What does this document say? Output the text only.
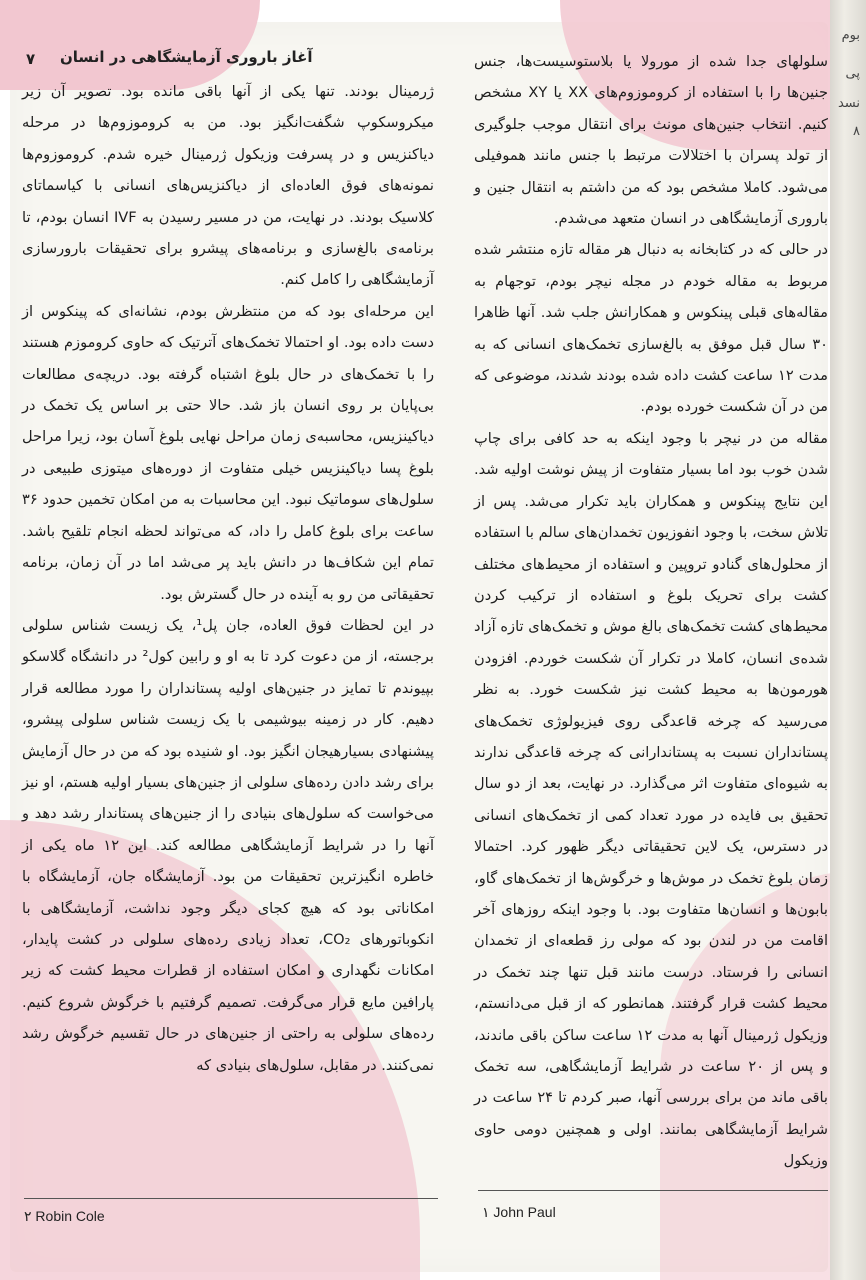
بوم
پی
نسد
۸
۷ آغاز باروری آزمایشگاهی در انسان

ژرمینال بودند. تنها یکی از آنها باقی مانده بود. تصویر آن زیر میکروسکوپ شگفت‌انگیز بود. من به کروموزوم‌ها در مرحله دیاکنزیس و در پسرفت وزیکول ژرمینال خیره شدم. کروموزوم‌ها نمونه‌های فوق العاده‌ای از دیاکنزیس‌های انسانی با کیاسماتای کلاسیک بودند. در نهایت، من در مسیر رسیدن به IVF انسان بودم، تا برنامه‌ی بالغ‌سازی و برنامه‌های پیشرو برای تحقیقات بارورسازی آزمایشگاهی را کامل کنم.

این مرحله‌ای بود که من منتظرش بودم، نشانه‌ای که پینکوس از دست داده بود. او احتمالا تخمک‌های آترتیک که حاوی کروموزم هستند را با تخمک‌های در حال بلوغ اشتباه گرفته بود. دریچه‌ی مطالعات بی‌پایان بر روی انسان باز شد. حالا حتی بر اساس یک تخمک در دیاکینزیس، محاسبه‌ی زمان مراحل نهایی بلوغ آسان بود، زیرا مراحل بلوغ پسا دیاکینزیس خیلی متفاوت از دوره‌های میتوزی طبیعی در سلول‌های سوماتیک نبود. این محاسبات به من امکان تخمین حدود ۳۶ ساعت برای بلوغ کامل را داد، که می‌تواند لحظه انجام تلقیح باشد. تمام این شکاف‌ها در دانش باید پر می‌شد اما در آن زمان، برنامه تحقیقاتی من رو به آینده در حال گسترش بود.

در این لحظات فوق العاده، جان پل¹، یک زیست شناس سلولی برجسته، از من دعوت کرد تا به او و رابین کول² در دانشگاه گلاسکو بپیوندم تا تمایز در جنین‌های اولیه پستانداران را مورد مطالعه قرار دهیم. کار در زمینه بیوشیمی با یک زیست شناس سلولی پیشرو، پیشنهادی بسیارهیجان انگیز بود. او شنیده بود که من در حال آزمایش برای رشد دادن رده‌های سلولی از جنین‌های بسیار اولیه هستم، او نیز می‌خواست که سلول‌های بنیادی را از جنین‌های پستاندار رشد دهد و آنها را در شرایط آزمایشگاهی مطالعه کند. این ۱۲ ماه یکی از خاطره انگیزترین تحقیقات من بود. آزمایشگاه جان، آزمایشگاه با امکاناتی بود که هیچ کجای دیگر وجود نداشت، آزمایشگاهی با انکوباتورهای CO₂، تعداد زیادی رده‌های سلولی در کشت پایدار، امکانات نگهداری و امکان استفاده از قطرات محیط کشت که زیر پارافین مایع قرار می‌گرفت. تصمیم گرفتیم با خرگوش شروع کنیم. رده‌های سلولی به راحتی از جنین‌های در حال تقسیم خرگوش رشد نمی‌کنند. در مقابل، سلول‌های بنیادی که

سلولهای جدا شده از مورولا یا بلاستوسیست‌ها، جنس جنین‌ها را با استفاده از کروموزوم‌های XX یا XY مشخص کنیم. انتخاب جنین‌های مونث برای انتقال موجب جلوگیری از تولد پسران با اختلالات مرتبط با جنس مانند هموفیلی می‌شود. کاملا مشخص بود که من داشتم به انتقال جنین و باروری آزمایشگاهی در انسان متعهد می‌شدم.

در حالی که در کتابخانه به دنبال هر مقاله تازه منتشر شده مربوط به مقاله خودم در مجله نیچر بودم، توجهام به مقاله‌های قبلی پینکوس و همکارانش جلب شد. آنها ظاهرا ۳۰ سال قبل موفق به بالغ‌سازی تخمک‌های انسانی که به مدت ۱۲ ساعت کشت داده شده بودند شدند، موضوعی که من در آن شکست خورده بودم.

مقاله من در نیچر با وجود اینکه به حد کافی برای چاپ شدن خوب بود اما بسیار متفاوت از پیش نوشت اولیه شد. این نتایج پینکوس و همکاران باید تکرار می‌شد. پس از تلاش سخت، با وجود انفوزیون تخمدان‌های سالم با استفاده از محلول‌های گنادو تروپین و استفاده از محیط‌های مختلف کشت برای تحریک بلوغ و استفاده از ترکیب کردن محیط‌های کشت تخمک‌های بالغ موش و تخمک‌های تازه آزاد شده‌ی انسان، کاملا در تکرار آن شکست خوردم. افزودن هورمون‌ها به محیط کشت نیز شکست خورد. به نظر می‌رسید که چرخه قاعدگی روی فیزیولوژی تخمک‌های پستانداران نسبت به پستاندارانی که چرخه قاعدگی ندارند به شیوه‌ای متفاوت اثر می‌گذارد. در نهایت، بعد از دو سال تحقیق بی فایده در مورد تعداد کمی از تخمک‌های انسانی در دسترس، یک لاین تحقیقاتی دیگر ظهور کرد. احتمالا زمان بلوغ تخمک در موش‌ها و خرگوش‌ها از تخمک‌های گاو، بابون‌ها و انسان‌ها متفاوت بود. با وجود اینکه روزهای آخر اقامت من در لندن بود که مولی رز قطعه‌ای از تخمدان انسانی را فرستاد. درست مانند قبل تنها چند تخمک در محیط کشت قرار گرفتند. همانطور که از قبل می‌دانستم، وزیکول ژرمینال آنها به مدت ۱۲ ساعت ساکن باقی ماندند، و پس از ۲۰ ساعت در شرایط آزمایشگاهی، سه تخمک باقی ماند من برای بررسی آنها، صبر کردم تا ۲۴ ساعت در شرایط آزمایشگاهی بمانند. اولی و همچنین دومی حاوی وزیکول

۲ Robin Cole	۱ John Paul
